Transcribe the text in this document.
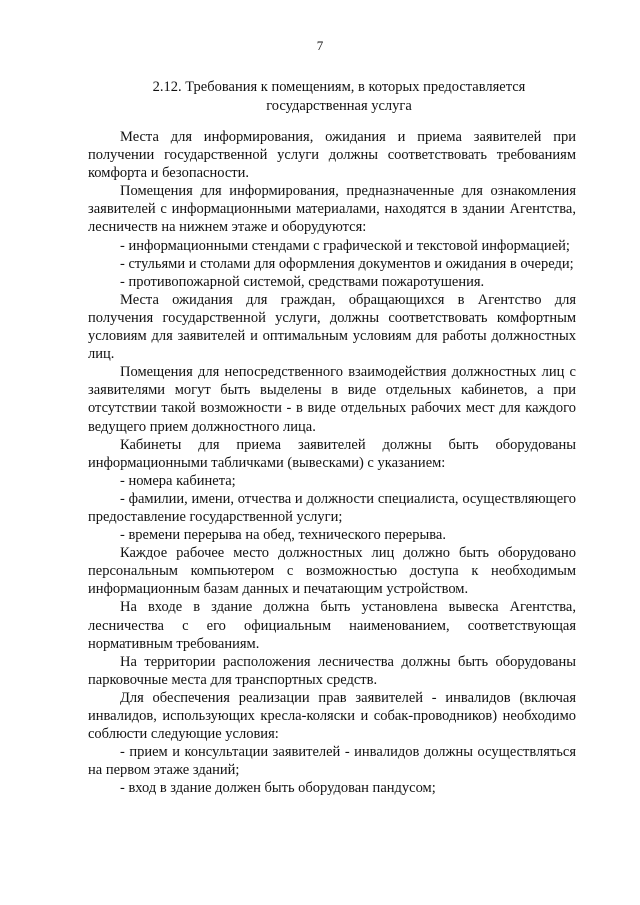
7
2.12. Требования к помещениям, в которых предоставляется
государственная услуга

Места для информирования, ожидания и приема заявителей при получении государственной услуги должны соответствовать требованиям комфорта и безопасности.

Помещения для информирования, предназначенные для ознакомления заявителей с информационными материалами, находятся в здании Агентства, лесничеств на нижнем этаже и оборудуются:

- информационными стендами с графической и текстовой информацией;

- стульями и столами для оформления документов и ожидания в очереди;

- противопожарной системой, средствами пожаротушения.

Места ожидания для граждан, обращающихся в Агентство для получения государственной услуги, должны соответствовать комфортным условиям для заявителей и оптимальным условиям для работы должностных лиц.

Помещения для непосредственного взаимодействия должностных лиц с заявителями могут быть выделены в виде отдельных кабинетов, а при отсутствии такой возможности - в виде отдельных рабочих мест для каждого ведущего прием должностного лица.

Кабинеты для приема заявителей должны быть оборудованы информационными табличками (вывесками) с указанием:

- номера кабинета;

- фамилии, имени, отчества и должности специалиста, осуществляющего предоставление государственной услуги;

- времени перерыва на обед, технического перерыва.

Каждое рабочее место должностных лиц должно быть оборудовано персональным компьютером с возможностью доступа к необходимым информационным базам данных и печатающим устройством.

На входе в здание должна быть установлена вывеска Агентства, лесничества с его официальным наименованием, соответствующая нормативным требованиям.

На территории расположения лесничества должны быть оборудованы парковочные места для транспортных средств.

Для обеспечения реализации прав заявителей - инвалидов (включая инвалидов, использующих кресла-коляски и собак-проводников) необходимо соблюсти следующие условия:

- прием и консультации заявителей - инвалидов должны осуществляться на первом этаже зданий;

- вход в здание должен быть оборудован пандусом;
